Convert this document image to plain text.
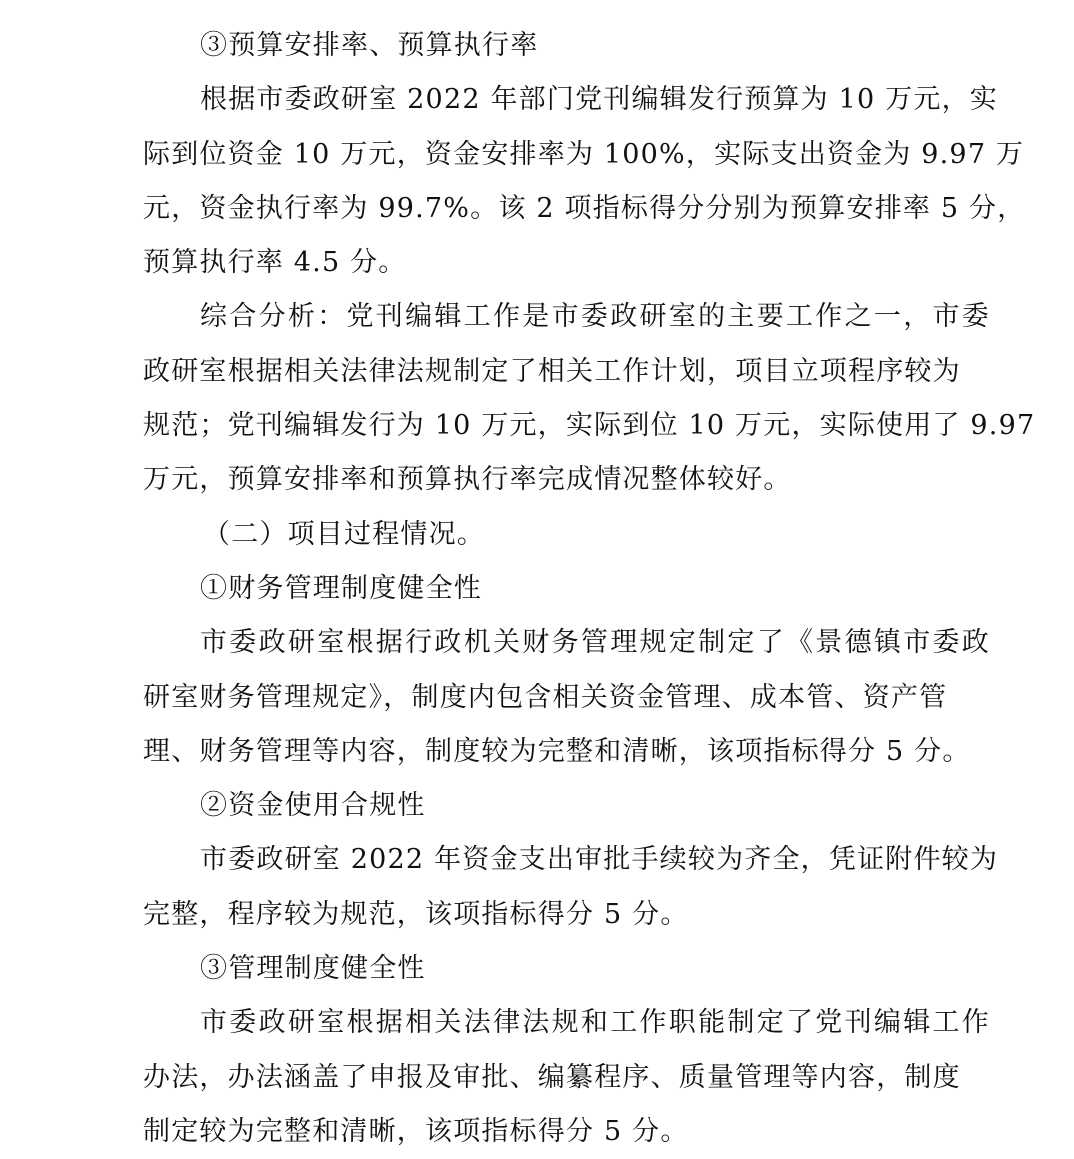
③预算安排率、预算执行率
根据市委政研室 2022 年部门党刊编辑发行预算为 10 万元，实
际到位资金 10 万元，资金安排率为 100%，实际支出资金为 9.97 万
元，资金执行率为 99.7%。该 2 项指标得分分别为预算安排率 5 分，
预算执行率 4.5 分。
综合分析：党刊编辑工作是市委政研室的主要工作之一，市委
政研室根据相关法律法规制定了相关工作计划，项目立项程序较为
规范；党刊编辑发行为 10 万元，实际到位 10 万元，实际使用了 9.97
万元，预算安排率和预算执行率完成情况整体较好。
（二）项目过程情况。
①财务管理制度健全性
市委政研室根据行政机关财务管理规定制定了《景德镇市委政
研室财务管理规定》，制度内包含相关资金管理、成本管、资产管
理、财务管理等内容，制度较为完整和清晰，该项指标得分 5 分。
②资金使用合规性
市委政研室 2022 年资金支出审批手续较为齐全，凭证附件较为
完整，程序较为规范，该项指标得分 5 分。
③管理制度健全性
市委政研室根据相关法律法规和工作职能制定了党刊编辑工作
办法，办法涵盖了申报及审批、编纂程序、质量管理等内容，制度
制定较为完整和清晰，该项指标得分 5 分。
